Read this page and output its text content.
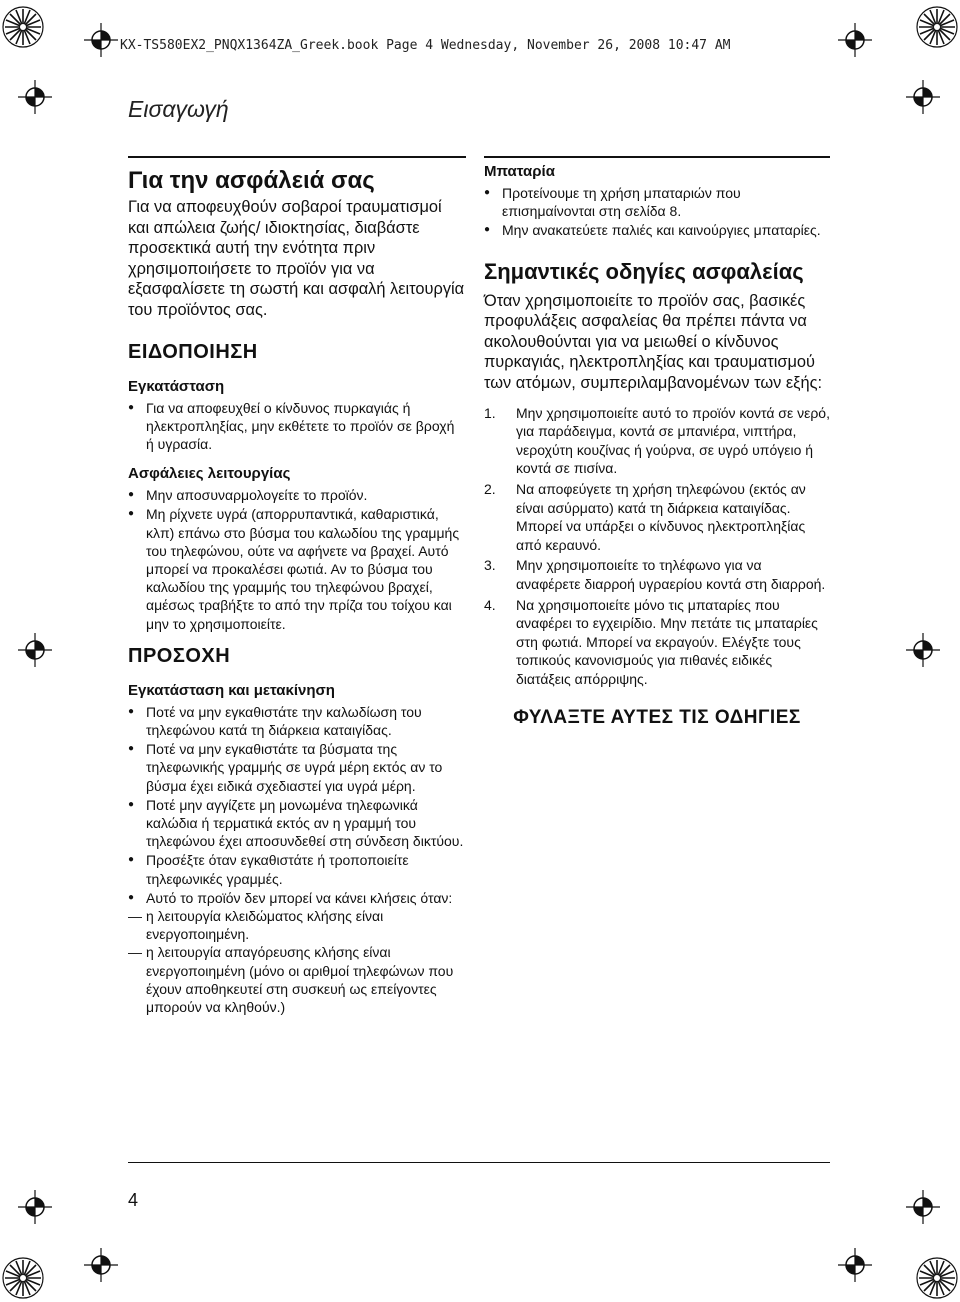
KX-TS580EX2_PNQX1364ZA_Greek.book Page 4 Wednesday, November 26, 2008 10:47 AM
Εισαγωγή
Για την ασφάλειά σας

Για να αποφευχθούν σοβαροί τραυματισμοί και απώλεια ζωής/ ιδιοκτησίας, διαβάστε προσεκτικά αυτή την ενότητα πριν χρησιμοποιήσετε το προϊόν για να εξασφαλίσετε τη σωστή και ασφαλή λειτουργία του προϊόντος σας.

ΕΙΔΟΠΟΙΗΣΗ
Εγκατάσταση
● Για να αποφευχθεί ο κίνδυνος πυρκαγιάς ή ηλεκτροπληξίας, μην εκθέτετε το προϊόν σε βροχή ή υγρασία.
Ασφάλειες λειτουργίας
● Μην αποσυναρμολογείτε το προϊόν.
● Μη ρίχνετε υγρά (απορρυπαντικά, καθαριστικά, κλπ) επάνω στο βύσμα του καλωδίου της γραμμής του τηλεφώνου, ούτε να αφήνετε να βραχεί. Αυτό μπορεί να προκαλέσει φωτιά. Αν το βύσμα του καλωδίου της γραμμής του τηλεφώνου βραχεί, αμέσως τραβήξτε το από την πρίζα του τοίχου και μην το χρησιμοποιείτε.
ΠΡΟΣΟΧΗ
Εγκατάσταση και μετακίνηση
● Ποτέ να μην εγκαθιστάτε την καλωδίωση του τηλεφώνου κατά τη διάρκεια καταιγίδας.
● Ποτέ να μην εγκαθιστάτε τα βύσματα της τηλεφωνικής γραμμής σε υγρά μέρη εκτός αν το βύσμα έχει ειδικά σχεδιαστεί για υγρά μέρη.
● Ποτέ μην αγγίζετε μη μονωμένα τηλεφωνικά καλώδια ή τερματικά εκτός αν η γραμμή του τηλεφώνου έχει αποσυνδεθεί στη σύνδεση δικτύου.
● Προσέξτε όταν εγκαθιστάτε ή τροποποιείτε τηλεφωνικές γραμμές.
● Αυτό το προϊόν δεν μπορεί να κάνει κλήσεις όταν:
— η λειτουργία κλειδώματος κλήσης είναι ενεργοποιημένη.
— η λειτουργία απαγόρευσης κλήσης είναι ενεργοποιημένη (μόνο οι αριθμοί τηλεφώνων που έχουν αποθηκευτεί στη συσκευή ως επείγοντες μπορούν να κληθούν.)
Μπαταρία
● Προτείνουμε τη χρήση μπαταριών που επισημαίνονται στη σελίδα 8.
● Μην ανακατεύετε παλιές και καινούργιες μπαταρίες.
Σημαντικές οδηγίες ασφαλείας

Όταν χρησιμοποιείτε το προϊόν σας, βασικές προφυλάξεις ασφαλείας θα πρέπει πάντα να ακολουθούνται για να μειωθεί ο κίνδυνος πυρκαγιάς, ηλεκτροπληξίας και τραυματισμού των ατόμων, συμπεριλαμβανομένων των εξής:

1. Μην χρησιμοποιείτε αυτό το προϊόν κοντά σε νερό, για παράδειγμα, κοντά σε μπανιέρα, νιπτήρα, νεροχύτη κουζίνας ή γούρνα, σε υγρό υπόγειο ή κοντά σε πισίνα.
2. Να αποφεύγετε τη χρήση τηλεφώνου (εκτός αν είναι ασύρματο) κατά τη διάρκεια καταιγίδας. Μπορεί να υπάρξει ο κίνδυνος ηλεκτροπληξίας από κεραυνό.
3. Μην χρησιμοποιείτε το τηλέφωνο για να αναφέρετε διαρροή υγραερίου κοντά στη διαρροή.
4. Να χρησιμοποιείτε μόνο τις μπαταρίες που αναφέρει το εγχειρίδιο. Μην πετάτε τις μπαταρίες στη φωτιά. Μπορεί να εκραγούν. Ελέγξτε τους τοπικούς κανονισμούς για πιθανές ειδικές διατάξεις απόρριψης.
ΦΥΛΑΞΤΕ ΑΥΤΕΣ ΤΙΣ ΟΔΗΓΙΕΣ
4
